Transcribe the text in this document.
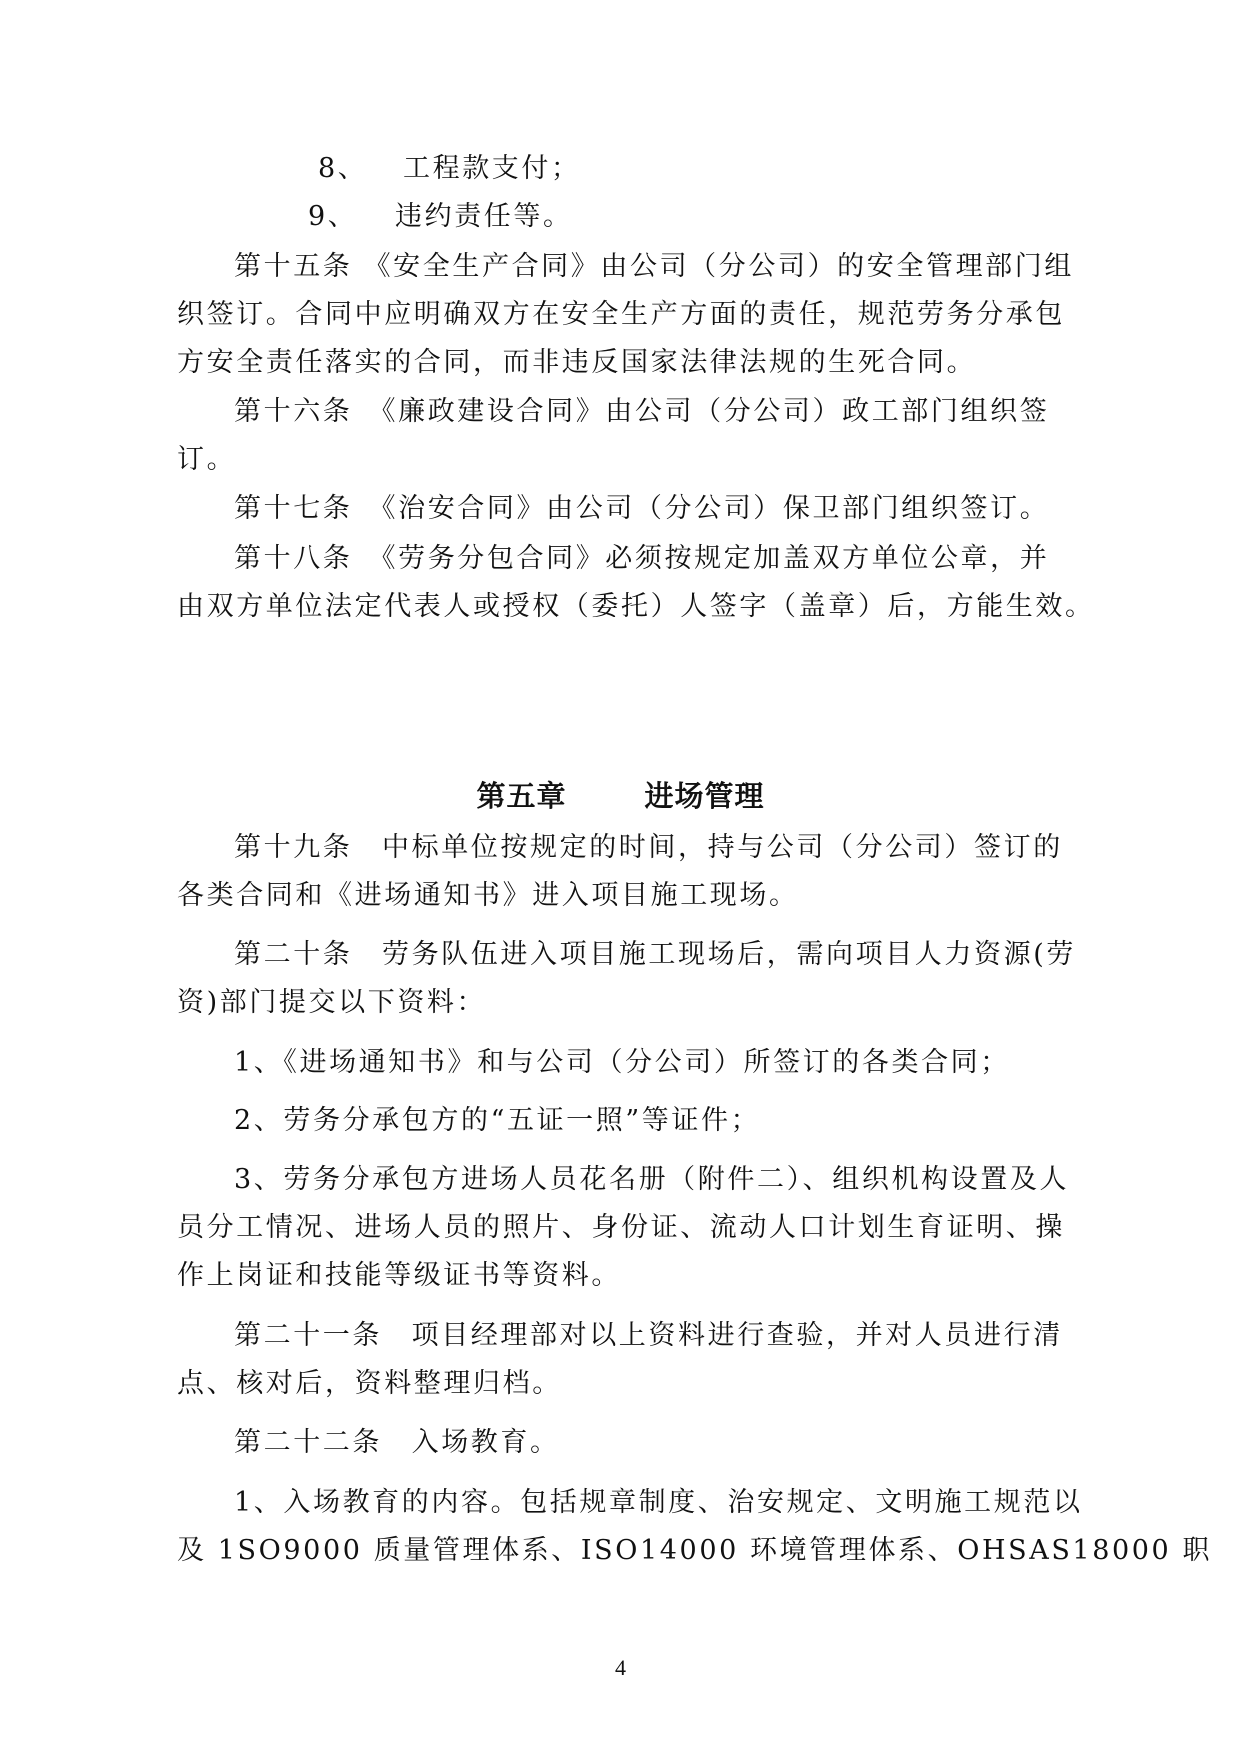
8、 工程款支付；
9、 违约责任等。
第十五条 《安全生产合同》由公司（分公司）的安全管理部门组
织签订。合同中应明确双方在安全生产方面的责任，规范劳务分承包
方安全责任落实的合同，而非违反国家法律法规的生死合同。
第十六条　《廉政建设合同》由公司（分公司）政工部门组织签
订。
第十七条　《治安合同》由公司（分公司）保卫部门组织签订。
第十八条　《劳务分包合同》必须按规定加盖双方单位公章，并
由双方单位法定代表人或授权（委托）人签字（盖章）后，方能生效。
第五章	进场管理
第十九条　中标单位按规定的时间，持与公司（分公司）签订的
各类合同和《进场通知书》进入项目施工现场。
第二十条　劳务队伍进入项目施工现场后，需向项目人力资源(劳
资)部门提交以下资料：
1、《进场通知书》和与公司（分公司）所签订的各类合同；
2、劳务分承包方的“五证一照”等证件；
3、劳务分承包方进场人员花名册（附件二）、组织机构设置及人
员分工情况、进场人员的照片、身份证、流动人口计划生育证明、操
作上岗证和技能等级证书等资料。
第二十一条　项目经理部对以上资料进行查验，并对人员进行清
点、核对后，资料整理归档。
第二十二条　入场教育。
1、入场教育的内容。包括规章制度、治安规定、文明施工规范以
及 1SO9000 质量管理体系、ISO14000 环境管理体系、OHSAS18000 职
4
